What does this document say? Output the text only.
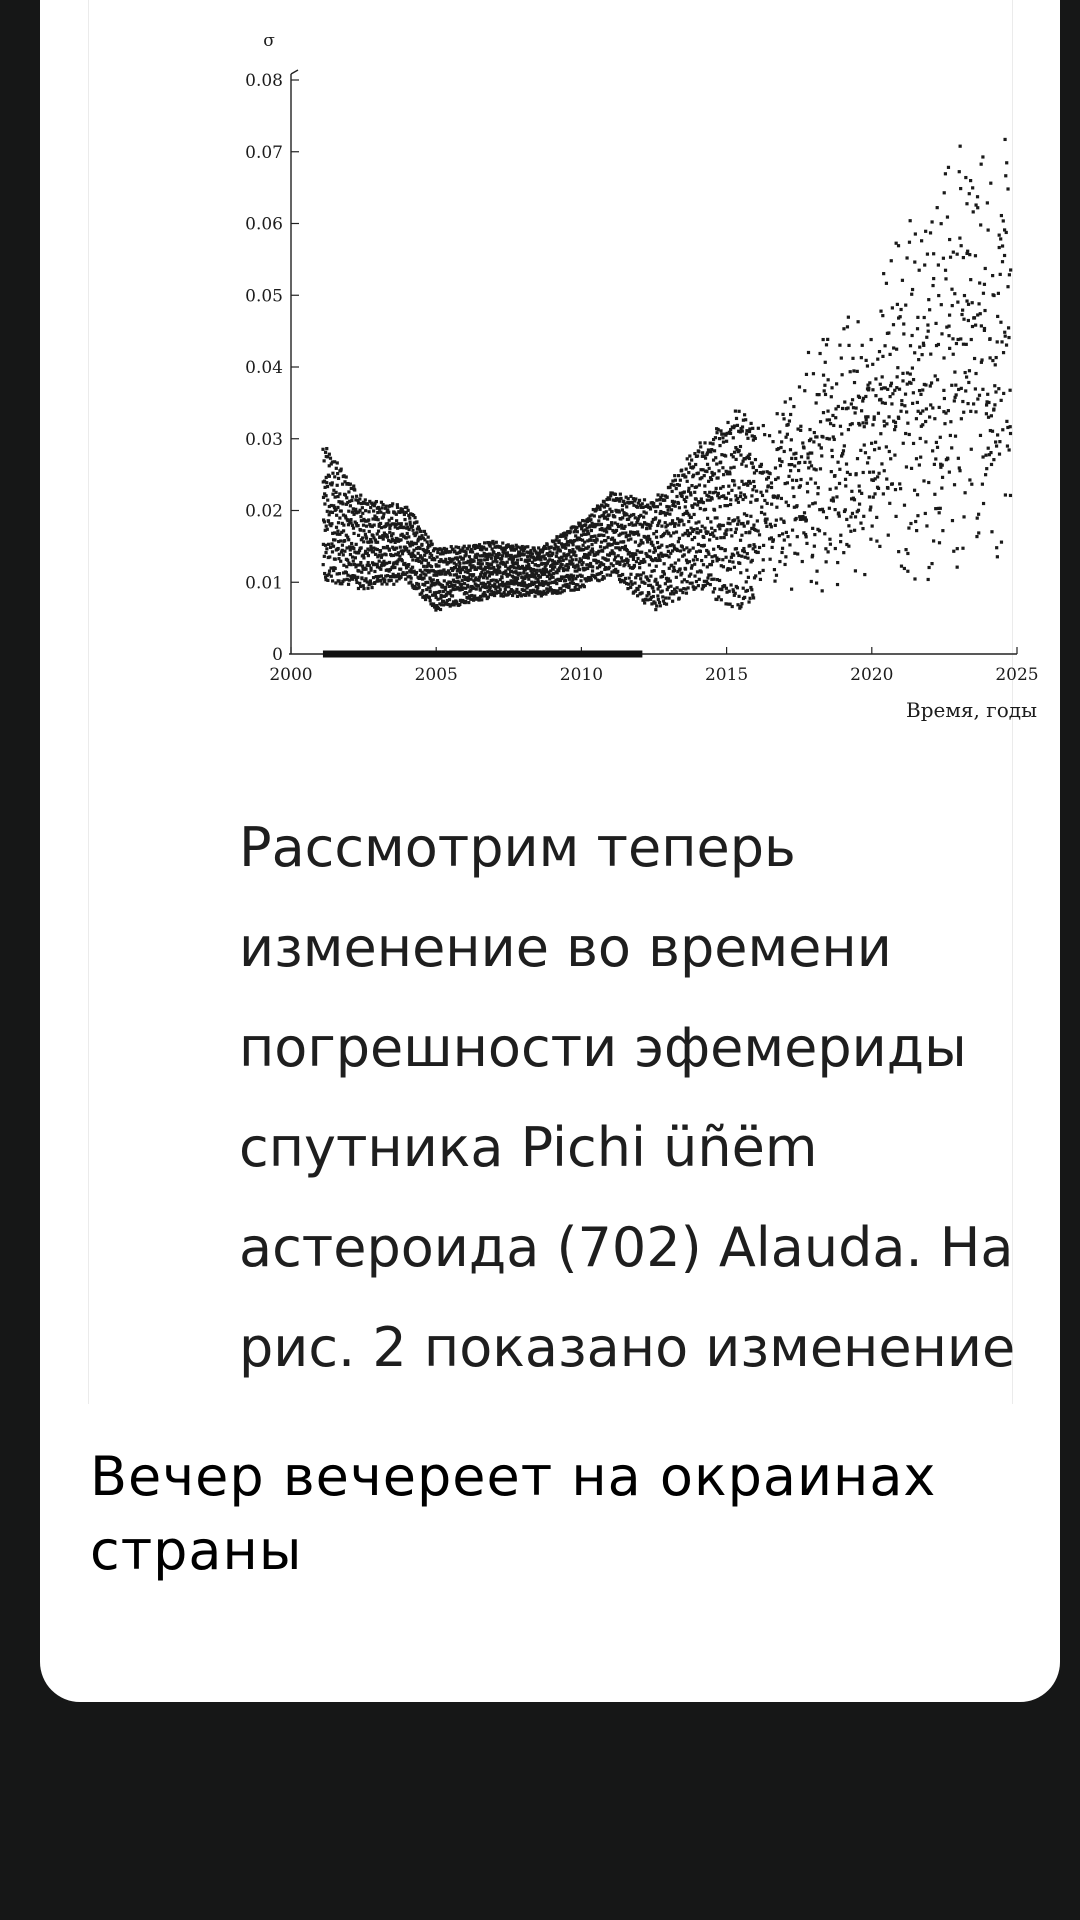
0
0.01
0.02
0.03
0.04
0.05
0.06
0.07
0.08
2000	2005	2010	2015	2020	2025
σ
Время, годы

Рассмотрим теперь изменение во времени погрешности эфемериды спутника Pichi üñëm астероида (702) Alauda. На рис. 2 показано изменение

Вечер вечереет на окраинах страны
